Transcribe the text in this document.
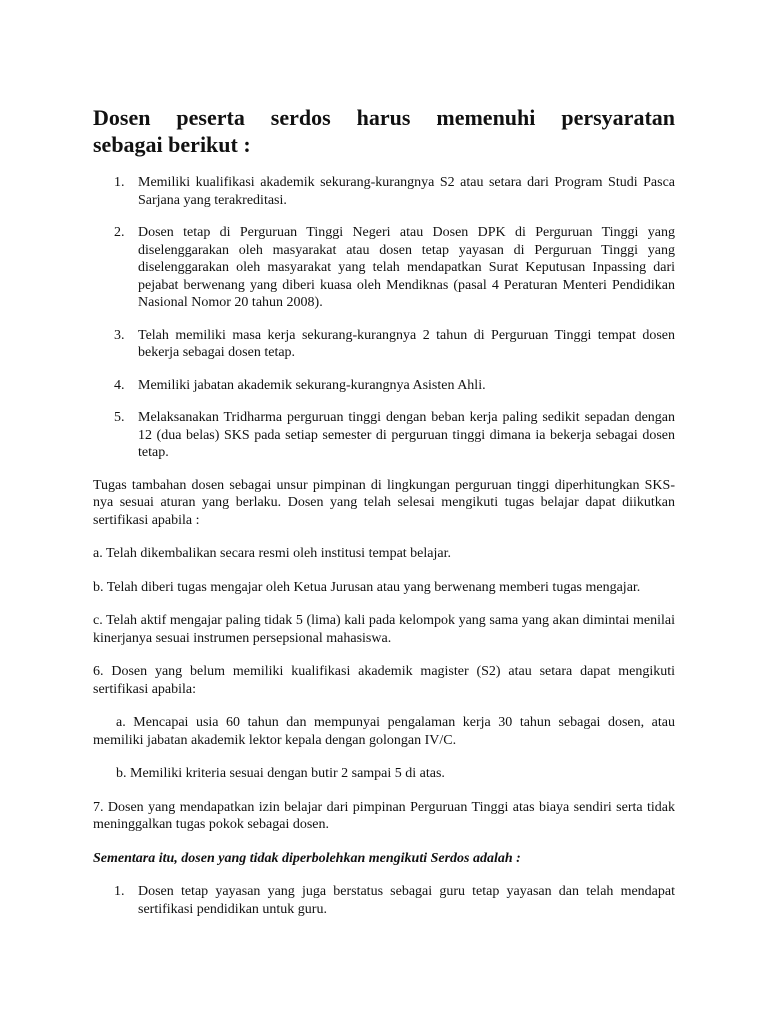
Dosen peserta serdos harus memenuhi persyaratan
sebagai berikut :
1. Memiliki kualifikasi akademik sekurang-kurangnya S2 atau setara dari Program Studi Pasca Sarjana yang terakreditasi.
2. Dosen tetap di Perguruan Tinggi Negeri atau Dosen DPK di Perguruan Tinggi yang diselenggarakan oleh masyarakat atau dosen tetap yayasan di Perguruan Tinggi yang diselenggarakan oleh masyarakat yang telah mendapatkan Surat Keputusan Inpassing dari pejabat berwenang yang diberi kuasa oleh Mendiknas (pasal 4 Peraturan Menteri Pendidikan Nasional Nomor 20 tahun 2008).
3. Telah memiliki masa kerja sekurang-kurangnya 2 tahun di Perguruan Tinggi tempat dosen bekerja sebagai dosen tetap.
4. Memiliki jabatan akademik sekurang-kurangnya Asisten Ahli.
5. Melaksanakan Tridharma perguruan tinggi dengan beban kerja paling sedikit sepadan dengan 12 (dua belas) SKS pada setiap semester di perguruan tinggi dimana ia bekerja sebagai dosen tetap.

Tugas tambahan dosen sebagai unsur pimpinan di lingkungan perguruan tinggi diperhitungkan SKS-nya sesuai aturan yang berlaku. Dosen yang telah selesai mengikuti tugas belajar dapat diikutkan sertifikasi apabila :

a. Telah dikembalikan secara resmi oleh institusi tempat belajar.

b. Telah diberi tugas mengajar oleh Ketua Jurusan atau yang berwenang memberi tugas mengajar.

c. Telah aktif mengajar paling tidak 5 (lima) kali pada kelompok yang sama yang akan dimintai menilai kinerjanya sesuai instrumen persepsional mahasiswa.

6. Dosen yang belum memiliki kualifikasi akademik magister (S2) atau setara dapat mengikuti sertifikasi apabila:

a. Mencapai usia 60 tahun dan mempunyai pengalaman kerja 30 tahun sebagai dosen, atau memiliki jabatan akademik lektor kepala dengan golongan IV/C.

b. Memiliki kriteria sesuai dengan butir 2 sampai 5 di atas.

7. Dosen yang mendapatkan izin belajar dari pimpinan Perguruan Tinggi atas biaya sendiri serta tidak meninggalkan tugas pokok sebagai dosen.

Sementara itu, dosen yang tidak diperbolehkan mengikuti Serdos adalah :

1. Dosen tetap yayasan yang juga berstatus sebagai guru tetap yayasan dan telah mendapat sertifikasi pendidikan untuk guru.
